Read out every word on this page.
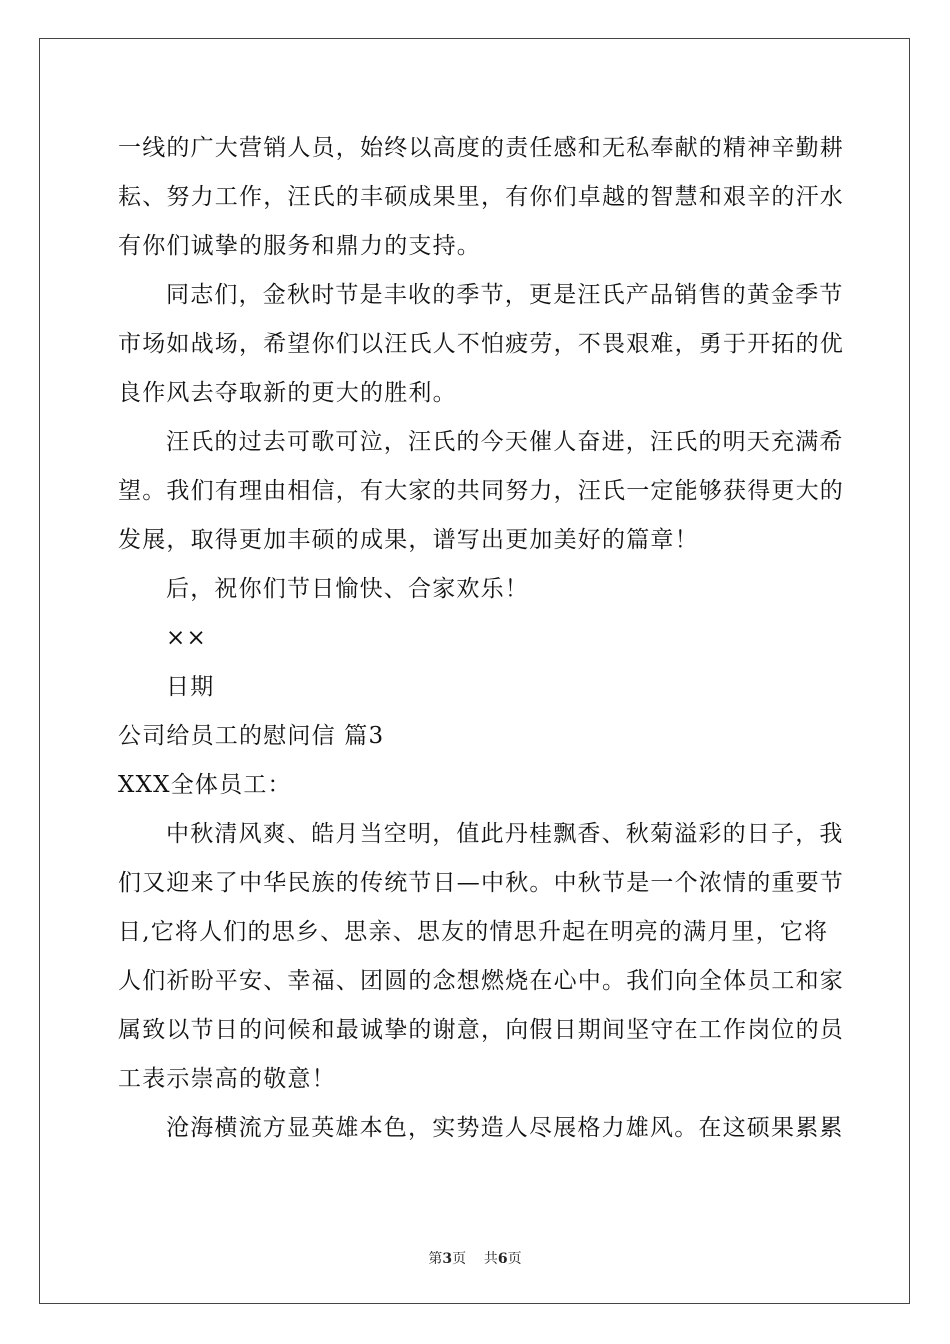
一线的广大营销人员，始终以高度的责任感和无私奉献的精神辛勤耕
耘、努力工作，汪氏的丰硕成果里，有你们卓越的智慧和艰辛的汗水
有你们诚挚的服务和鼎力的支持。
同志们，金秋时节是丰收的季节，更是汪氏产品销售的黄金季节
市场如战场，希望你们以汪氏人不怕疲劳，不畏艰难，勇于开拓的优
良作风去夺取新的更大的胜利。
汪氏的过去可歌可泣，汪氏的今天催人奋进，汪氏的明天充满希
望。我们有理由相信，有大家的共同努力，汪氏一定能够获得更大的
发展，取得更加丰硕的成果，谱写出更加美好的篇章！
后，祝你们节日愉快、合家欢乐！
××
日期
公司给员工的慰问信 篇3
XXX全体员工：
中秋清风爽、皓月当空明，值此丹桂飘香、秋菊溢彩的日子，我
们又迎来了中华民族的传统节日—中秋。中秋节是一个浓情的重要节
日,它将人们的思乡、思亲、思友的情思升起在明亮的满月里，它将
人们祈盼平安、幸福、团圆的念想燃烧在心中。我们向全体员工和家
属致以节日的问候和最诚挚的谢意，向假日期间坚守在工作岗位的员
工表示崇高的敬意！
沧海横流方显英雄本色，实势造人尽展格力雄风。在这硕果累累
第3页 共6页
